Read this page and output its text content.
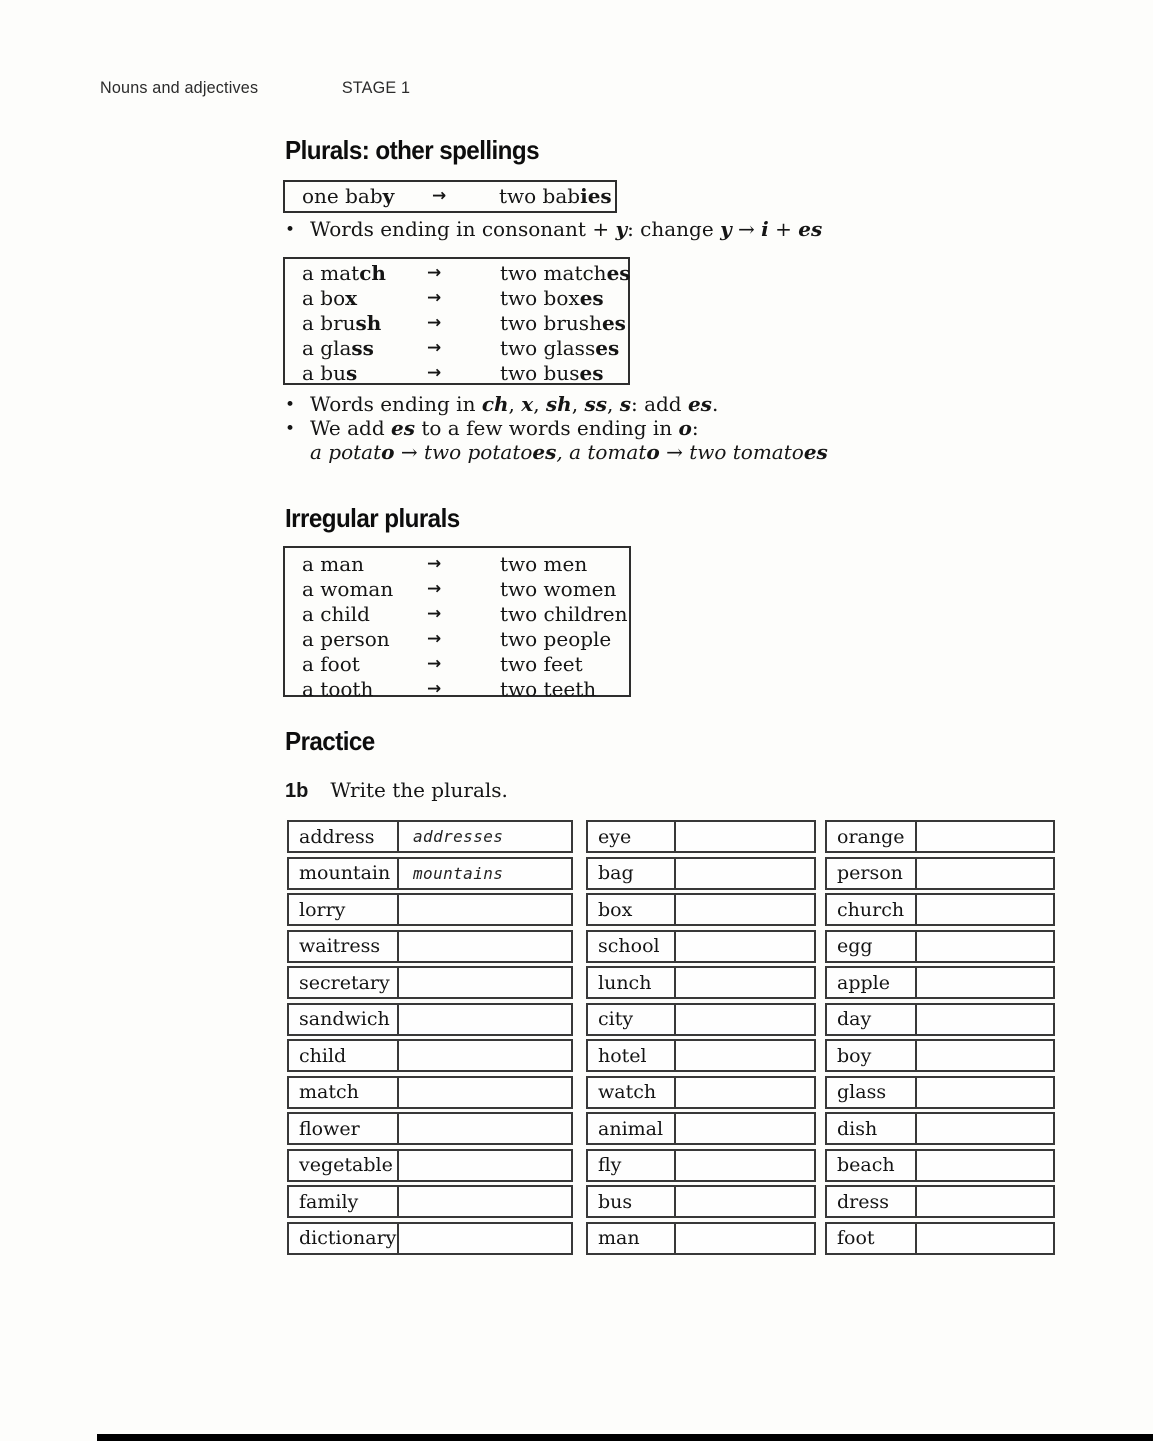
Nouns and adjectives	STAGE 1
Plurals: other spellings
one baby	→	two babies
• Words ending in consonant + y: change y → i + es
a match	→	two matches
a box	→	two boxes
a brush	→	two brushes
a glass	→	two glasses
a bus	→	two buses
• Words ending in ch, x, sh, ss, s: add es.
• We add es to a few words ending in o:
a potato → two potatoes, a tomato → two tomatoes
Irregular plurals
a man	→	two men
a woman	→	two women
a child	→	two children
a person	→	two people
a foot	→	two feet
a tooth	→	two teeth
Practice
1b Write the plurals.
address	addresses
mountain	mountains
lorry
waitress
secretary
sandwich
child
match
flower
vegetable
family
dictionary
eye
bag
box
school
lunch
city
hotel
watch
animal
fly
bus
man
orange
person
church
egg
apple
day
boy
glass
dish
beach
dress
foot
